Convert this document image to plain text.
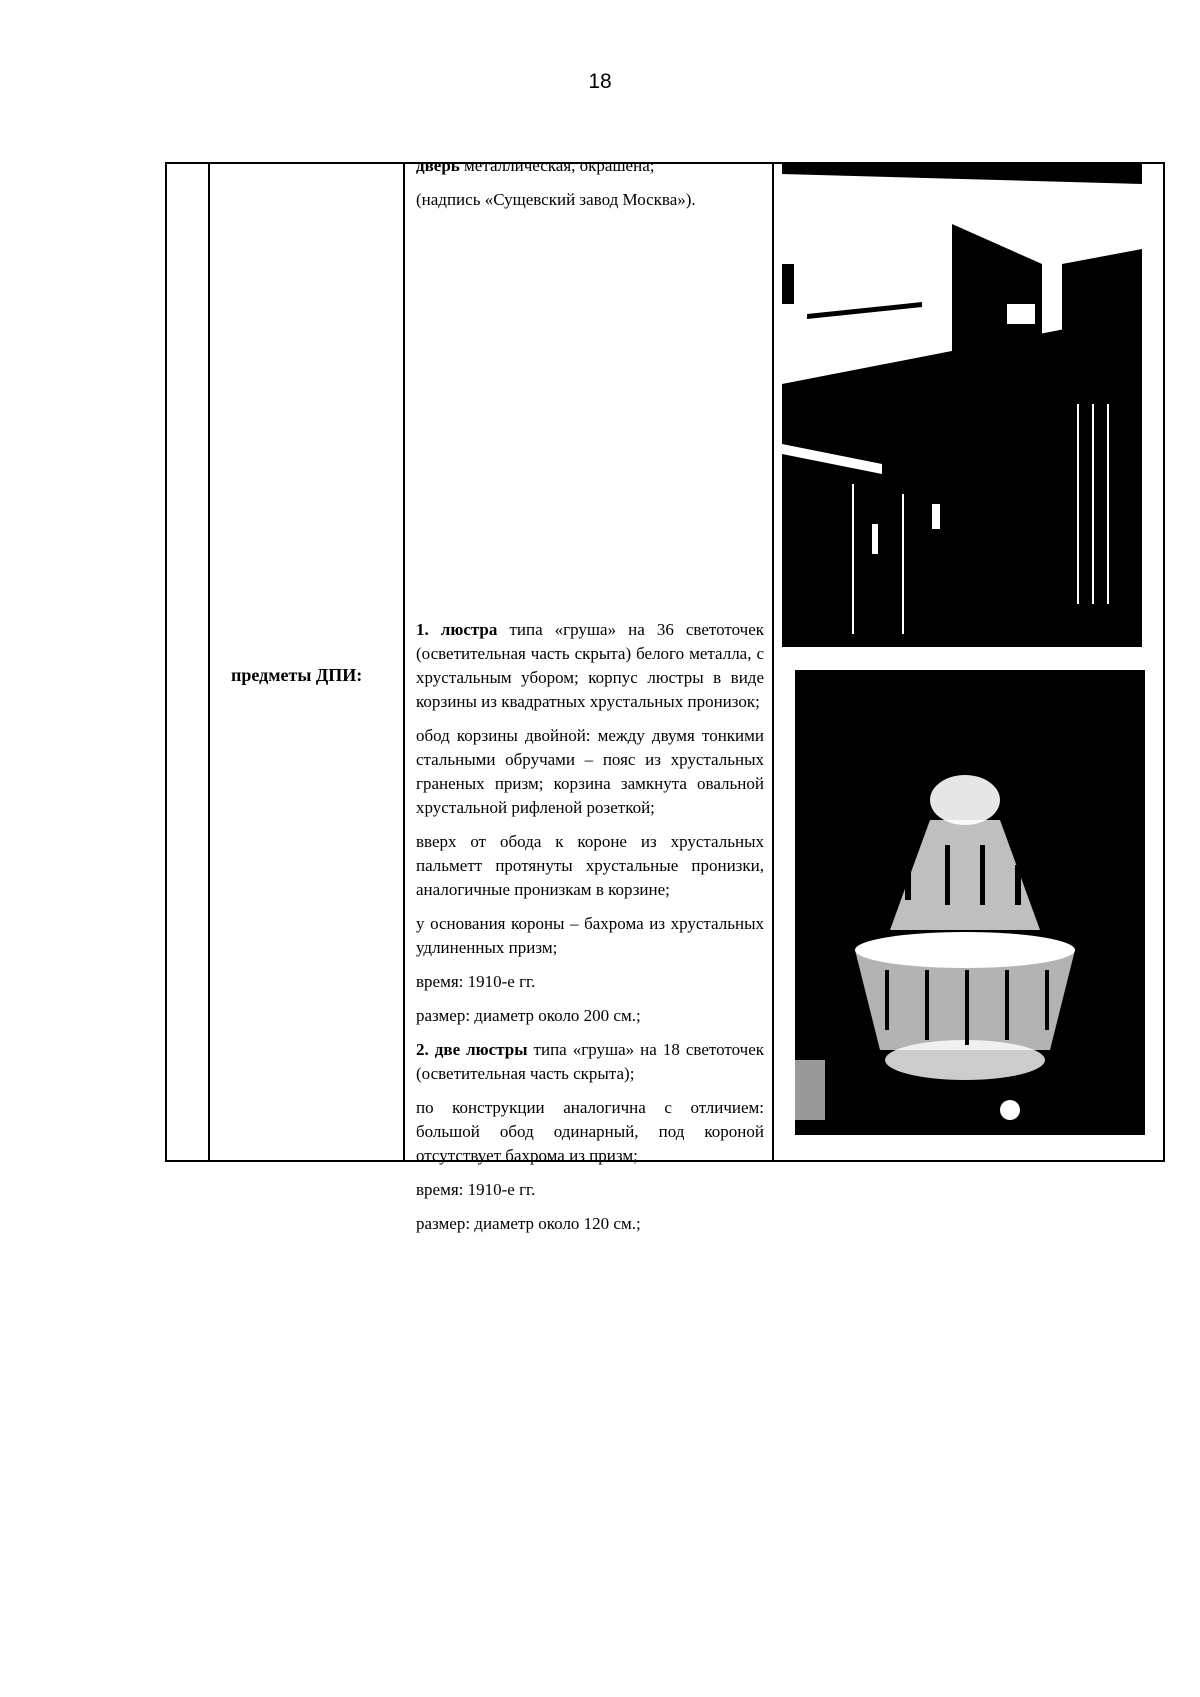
18
предметы ДПИ:

дверь металлическая, окрашена;

(надпись «Сущевский завод Москва»).

1. люстра типа «груша» на 36 светоточек (осветительная часть скрыта) белого металла, с хрустальным убором; корпус люстры в виде корзины из квадратных хрустальных пронизок;

обод корзины двойной: между двумя тонкими стальными обручами – пояс из хрустальных граненых призм; корзина замкнута овальной хрустальной рифленой розеткой;

вверх от обода к короне из хрустальных пальметт протянуты хрустальные пронизки, аналогичные пронизкам в корзине;

у основания короны – бахрома из хрустальных удлиненных призм;

время: 1910-е гг.

размер: диаметр около 200 см.;

2. две люстры типа «груша» на 18 светоточек (осветительная часть скрыта);

по конструкции аналогична с отличием: большой обод одинарный, под короной отсутствует бахрома из призм;

время: 1910-е гг.

размер: диаметр около 120 см.;
